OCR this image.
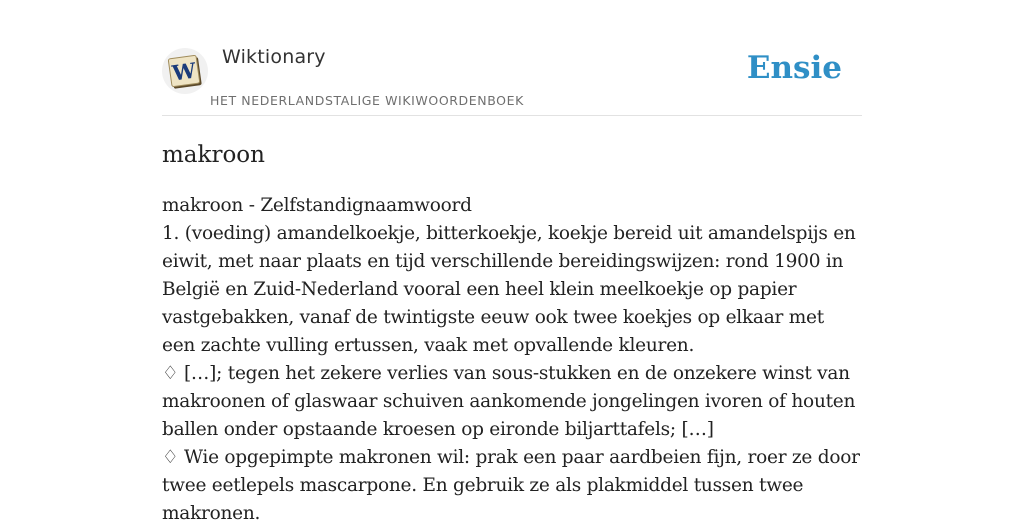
W
Wiktionary
HET NEDERLANDSTALIGE WIKIWOORDENBOEK
Ensie
makroon

makroon - Zelfstandignaamwoord

1. (voeding) amandelkoekje, bitterkoekje, koekje bereid uit amandelspijs en eiwit, met naar plaats en tijd verschillende bereidingswijzen: rond 1900 in België en Zuid-Nederland vooral een heel klein meelkoekje op papier vastgebakken, vanaf de twintigste eeuw ook twee koekjes op elkaar met een zachte vulling ertussen, vaak met opvallende kleuren.

♢ […]; tegen het zekere verlies van sous-stukken en de onzekere winst van makroonen of glaswaar schuiven aankomende jongelingen ivoren of houten ballen onder opstaande kroesen op eironde biljarttafels; […]

♢ Wie opgepimpte makronen wil: prak een paar aardbeien fijn, roer ze door twee eetlepels mascarpone. En gebruik ze als plakmiddel tussen twee makronen.
